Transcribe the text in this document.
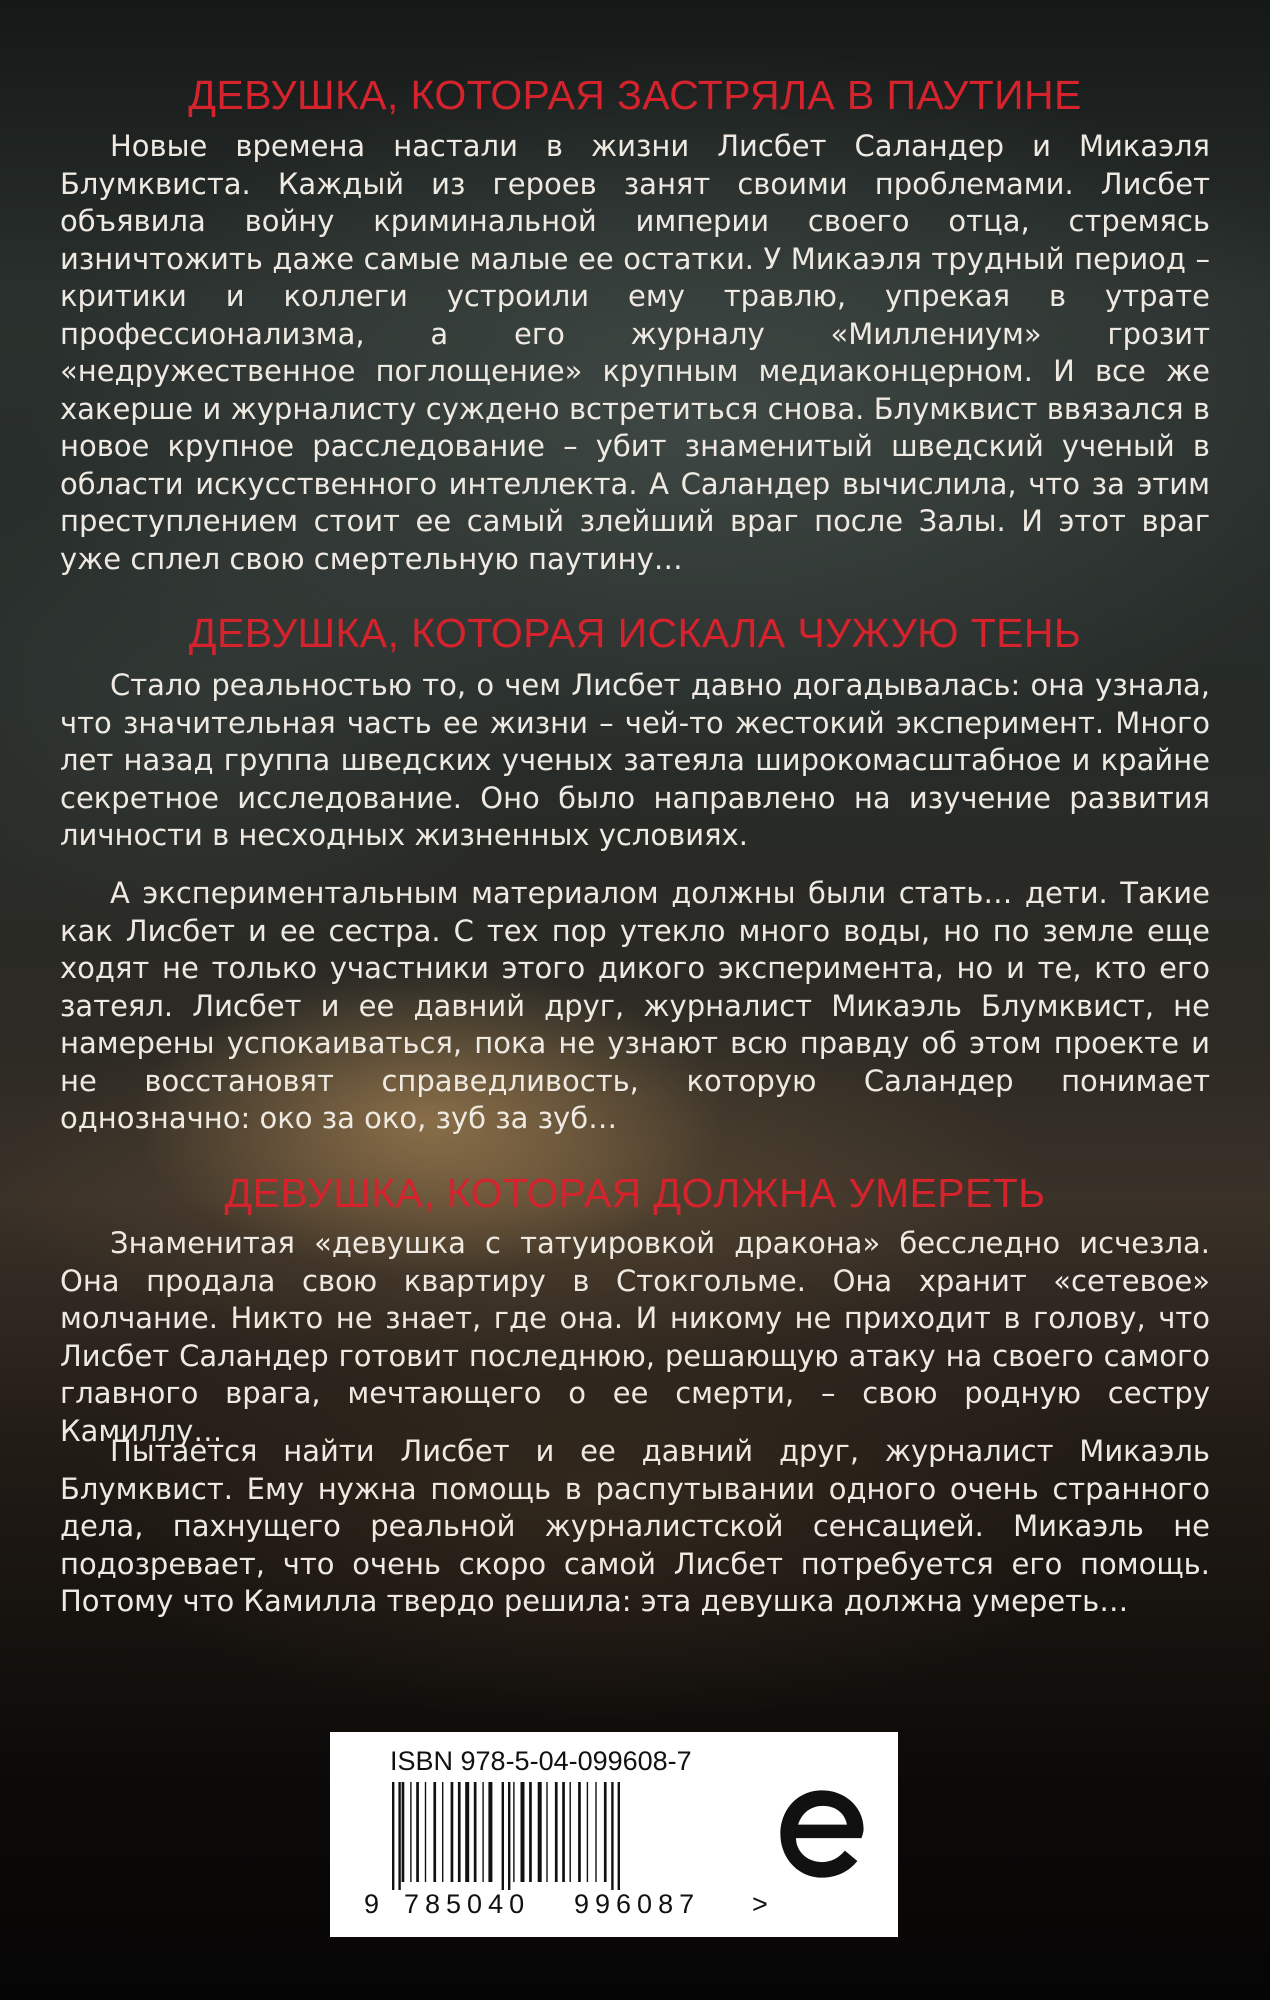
ДЕВУШКА, КОТОРАЯ ЗАСТРЯЛА В ПАУТИНЕ

Новые времена настали в жизни Лисбет Саландер и Микаэля Блумквиста. Каждый из героев занят своими проблемами. Лисбет объявила войну криминальной империи своего отца, стремясь изничтожить даже самые малые ее остатки. У Микаэля трудный период – критики и коллеги устроили ему травлю, упрекая в утрате профессионализма, а его журналу «Миллениум» грозит «недружественное поглощение» крупным медиаконцерном. И все же хакерше и журналисту суждено встретиться снова. Блумквист ввязался в новое крупное расследование – убит знаменитый шведский ученый в области искусственного интеллекта. А Саландер вычислила, что за этим преступлением стоит ее самый злейший враг после Залы. И этот враг уже сплел свою смертельную паутину…

ДЕВУШКА, КОТОРАЯ ИСКАЛА ЧУЖУЮ ТЕНЬ

Стало реальностью то, о чем Лисбет давно догадывалась: она узнала, что значительная часть ее жизни – чей-то жестокий эксперимент. Много лет назад группа шведских ученых затеяла широкомасштабное и крайне секретное исследование. Оно было направлено на изучение развития личности в несходных жизненных условиях.

А экспериментальным материалом должны были стать… дети. Такие как Лисбет и ее сестра. С тех пор утекло много воды, но по земле еще ходят не только участники этого дикого эксперимента, но и те, кто его затеял. Лисбет и ее давний друг, журналист Микаэль Блумквист, не намерены успокаиваться, пока не узнают всю правду об этом проекте и не восстановят справедливость, которую Саландер понимает однозначно: око за око, зуб за зуб…

ДЕВУШКА, КОТОРАЯ ДОЛЖНА УМЕРЕТЬ

Знаменитая «девушка с татуировкой дракона» бесследно исчезла. Она продала свою квартиру в Стокгольме. Она хранит «сетевое» молчание. Никто не знает, где она. И никому не приходит в голову, что Лисбет Саландер готовит последнюю, решающую атаку на своего самого главного врага, мечтающего о ее смерти, – свою родную сестру Камиллу…

Пытается найти Лисбет и ее давний друг, журналист Микаэль Блумквист. Ему нужна помощь в распутывании одного очень странного дела, пахнущего реальной журналистской сенсацией. Микаэль не подозревает, что очень скоро самой Лисбет потребуется его помощь. Потому что Камилла твердо решила: эта девушка должна умереть…

ISBN 978-5-04-099608-7
9 785040 996087 >
